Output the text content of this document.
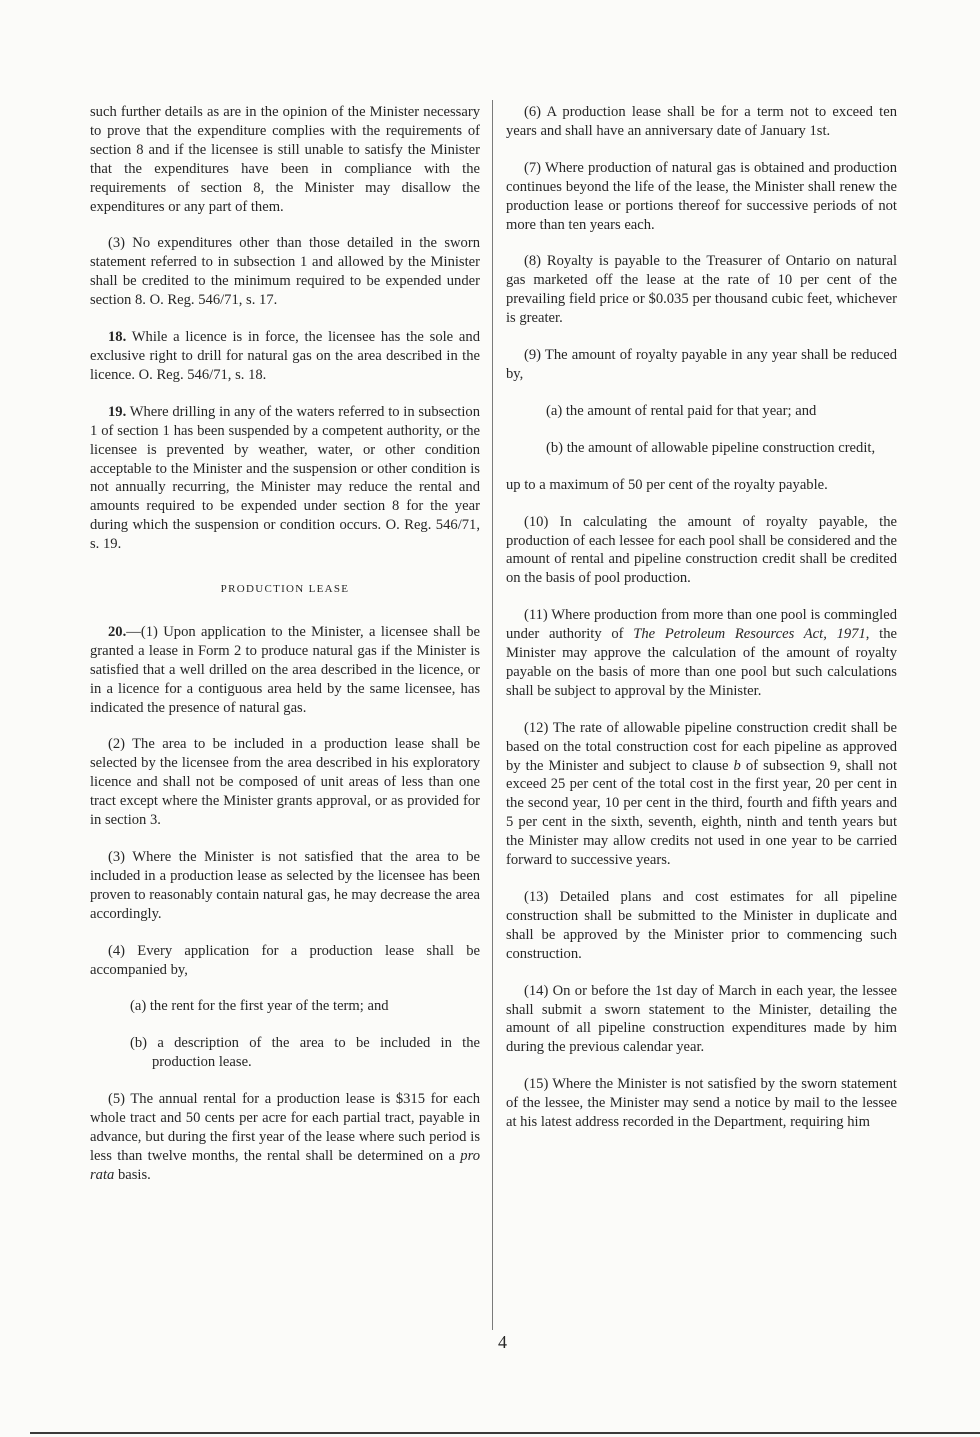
such further details as are in the opinion of the Minister necessary to prove that the expenditure complies with the requirements of section 8 and if the licensee is still unable to satisfy the Minister that the expenditures have been in compliance with the requirements of section 8, the Minister may disallow the expenditures or any part of them.

(3) No expenditures other than those detailed in the sworn statement referred to in subsection 1 and allowed by the Minister shall be credited to the minimum required to be expended under section 8. O. Reg. 546/71, s. 17.

18. While a licence is in force, the licensee has the sole and exclusive right to drill for natural gas on the area described in the licence. O. Reg. 546/71, s. 18.

19. Where drilling in any of the waters referred to in subsection 1 of section 1 has been suspended by a competent authority, or the licensee is prevented by weather, water, or other condition acceptable to the Minister and the suspension or other condition is not annually recurring, the Minister may reduce the rental and amounts required to be expended under section 8 for the year during which the suspension or condition occurs. O. Reg. 546/71, s. 19.

PRODUCTION LEASE

20.—(1) Upon application to the Minister, a licensee shall be granted a lease in Form 2 to produce natural gas if the Minister is satisfied that a well drilled on the area described in the licence, or in a licence for a contiguous area held by the same licensee, has indicated the presence of natural gas.

(2) The area to be included in a production lease shall be selected by the licensee from the area described in his exploratory licence and shall not be composed of unit areas of less than one tract except where the Minister grants approval, or as provided for in section 3.

(3) Where the Minister is not satisfied that the area to be included in a production lease as selected by the licensee has been proven to reasonably contain natural gas, he may decrease the area accordingly.

(4) Every application for a production lease shall be accompanied by,

(a) the rent for the first year of the term; and

(b) a description of the area to be included in the production lease.

(5) The annual rental for a production lease is $315 for each whole tract and 50 cents per acre for each partial tract, payable in advance, but during the first year of the lease where such period is less than twelve months, the rental shall be determined on a pro rata basis.

(6) A production lease shall be for a term not to exceed ten years and shall have an anniversary date of January 1st.

(7) Where production of natural gas is obtained and production continues beyond the life of the lease, the Minister shall renew the production lease or portions thereof for successive periods of not more than ten years each.

(8) Royalty is payable to the Treasurer of Ontario on natural gas marketed off the lease at the rate of 10 per cent of the prevailing field price or $0.035 per thousand cubic feet, whichever is greater.

(9) The amount of royalty payable in any year shall be reduced by,

(a) the amount of rental paid for that year; and

(b) the amount of allowable pipeline construction credit,

up to a maximum of 50 per cent of the royalty payable.

(10) In calculating the amount of royalty payable, the production of each lessee for each pool shall be considered and the amount of rental and pipeline construction credit shall be credited on the basis of pool production.

(11) Where production from more than one pool is commingled under authority of The Petroleum Resources Act, 1971, the Minister may approve the calculation of the amount of royalty payable on the basis of more than one pool but such calculations shall be subject to approval by the Minister.

(12) The rate of allowable pipeline construction credit shall be based on the total construction cost for each pipeline as approved by the Minister and subject to clause b of subsection 9, shall not exceed 25 per cent of the total cost in the first year, 20 per cent in the second year, 10 per cent in the third, fourth and fifth years and 5 per cent in the sixth, seventh, eighth, ninth and tenth years but the Minister may allow credits not used in one year to be carried forward to successive years.

(13) Detailed plans and cost estimates for all pipeline construction shall be submitted to the Minister in duplicate and shall be approved by the Minister prior to commencing such construction.

(14) On or before the 1st day of March in each year, the lessee shall submit a sworn statement to the Minister, detailing the amount of all pipeline construction expenditures made by him during the previous calendar year.

(15) Where the Minister is not satisfied by the sworn statement of the lessee, the Minister may send a notice by mail to the lessee at his latest address recorded in the Department, requiring him

4
